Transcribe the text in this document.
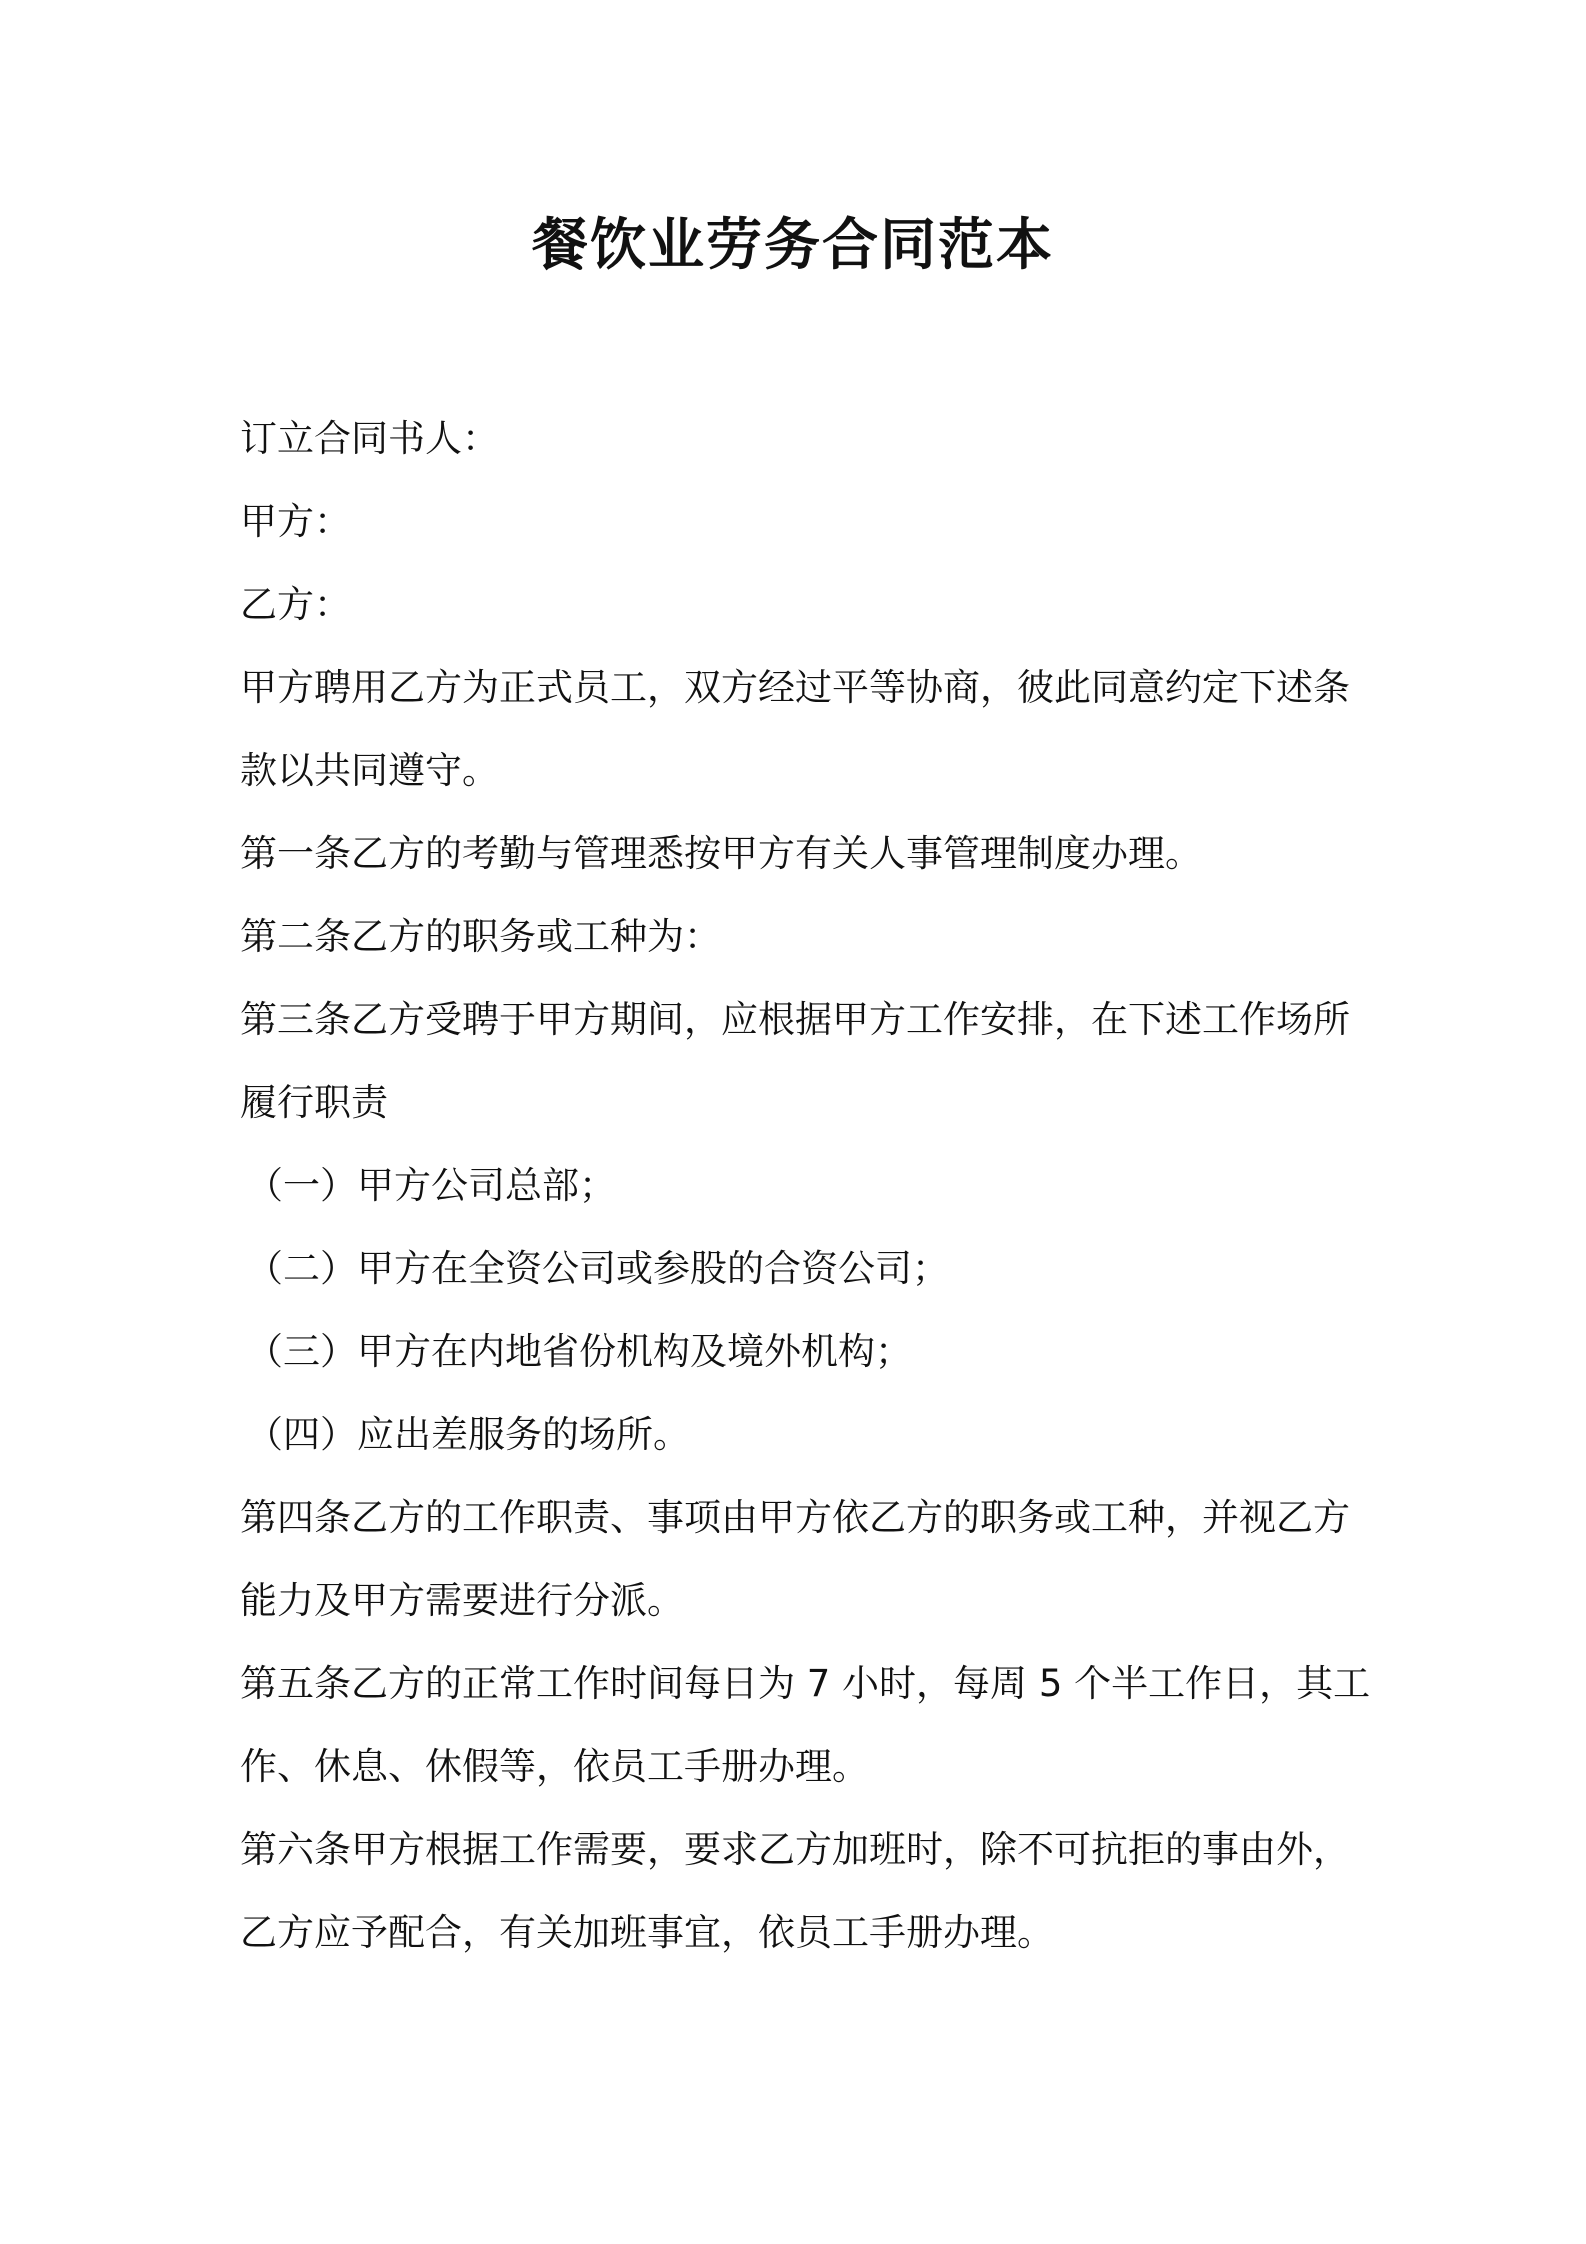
餐饮业劳务合同范本
订立合同书人：
甲方：
乙方：
甲方聘用乙方为正式员工，双方经过平等协商，彼此同意约定下述条
款以共同遵守。
第一条乙方的考勤与管理悉按甲方有关人事管理制度办理。
第二条乙方的职务或工种为：
第三条乙方受聘于甲方期间，应根据甲方工作安排，在下述工作场所
履行职责
（一）甲方公司总部；
（二）甲方在全资公司或参股的合资公司；
（三）甲方在内地省份机构及境外机构；
（四）应出差服务的场所。
第四条乙方的工作职责、事项由甲方依乙方的职务或工种，并视乙方
能力及甲方需要进行分派。
第五条乙方的正常工作时间每日为 7 小时，每周 5 个半工作日，其工
作、休息、休假等，依员工手册办理。
第六条甲方根据工作需要，要求乙方加班时，除不可抗拒的事由外，
乙方应予配合，有关加班事宜，依员工手册办理。
